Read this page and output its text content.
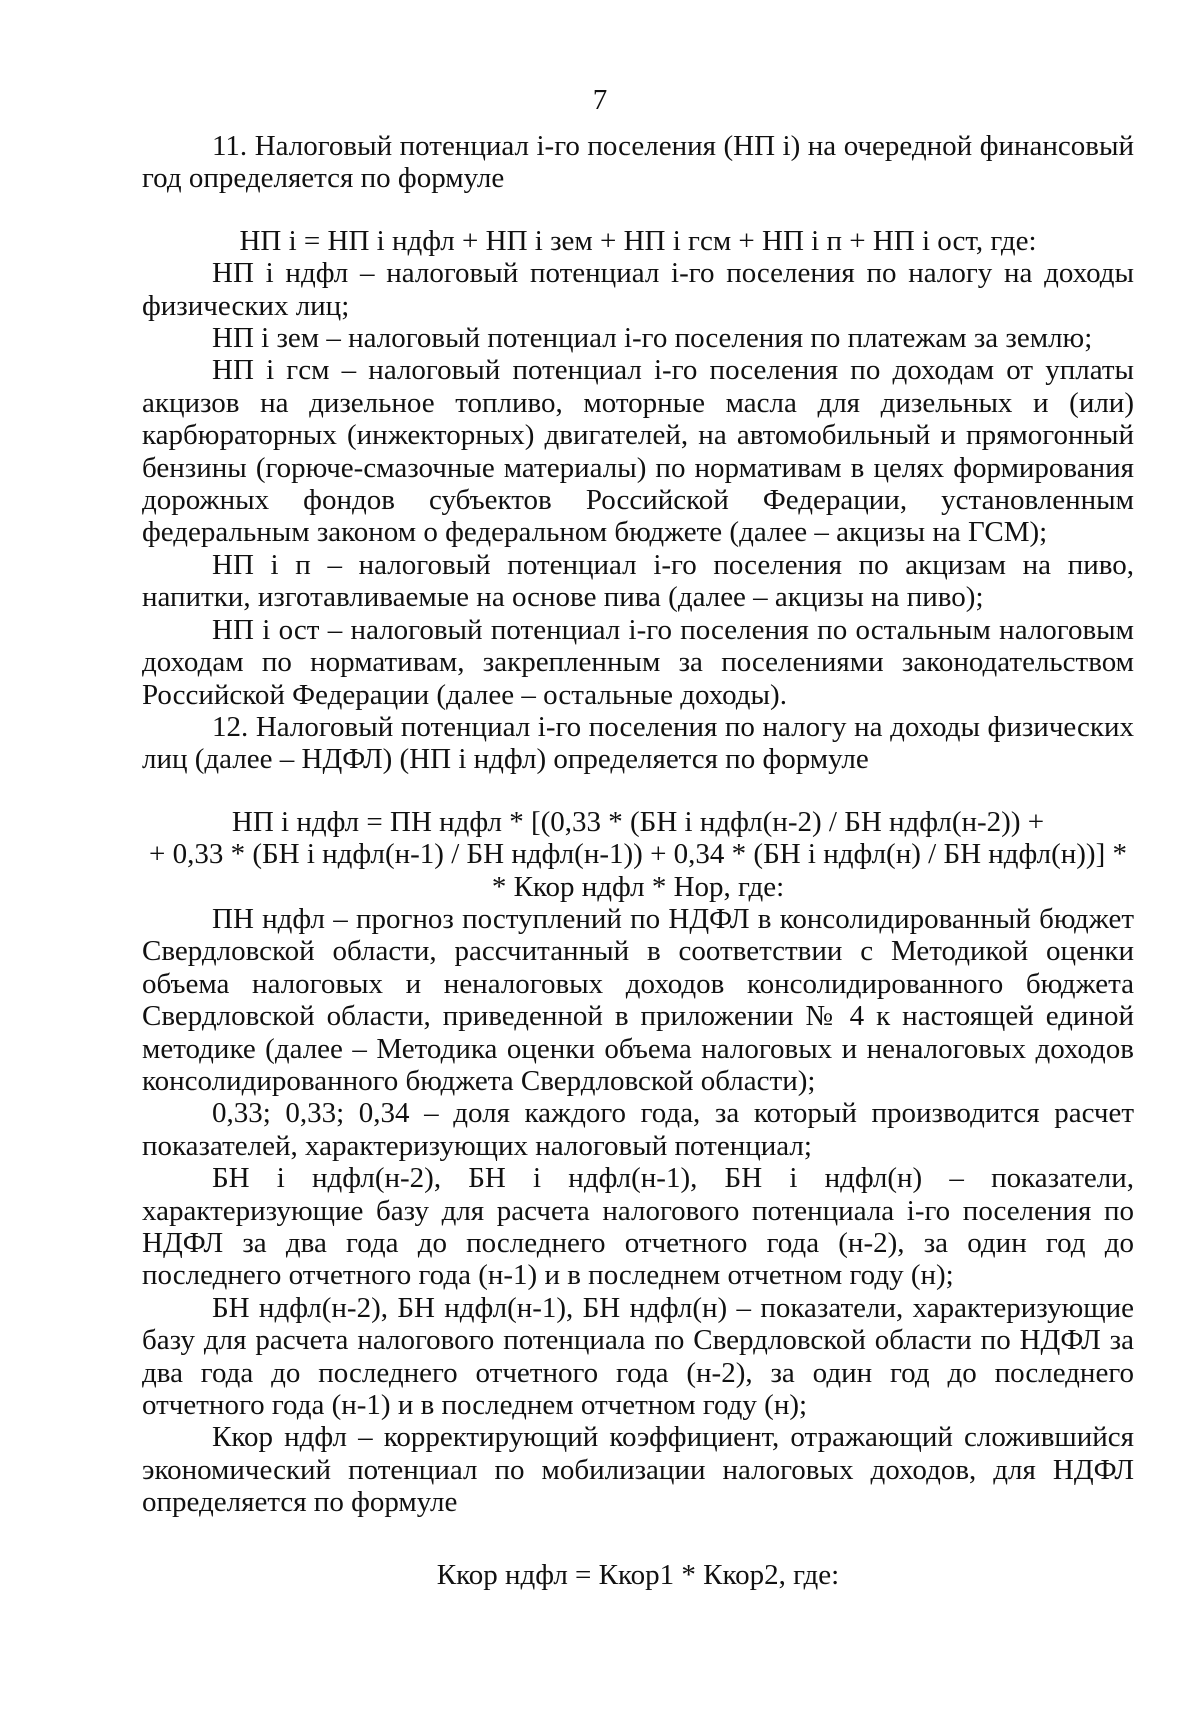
7

11. Налоговый потенциал i-го поселения (НП i) на очередной финансовый год определяется по формуле

НП i = НП i ндфл + НП i зем + НП i гсм + НП i п + НП i ост, где:

НП i ндфл – налоговый потенциал i-го поселения по налогу на доходы физических лиц;

НП i зем – налоговый потенциал i-го поселения по платежам за землю;

НП i гсм – налоговый потенциал i-го поселения по доходам от уплаты акцизов на дизельное топливо, моторные масла для дизельных и (или) карбюраторных (инжекторных) двигателей, на автомобильный и прямогонный бензины (горюче-смазочные материалы) по нормативам в целях формирования дорожных фондов субъектов Российской Федерации, установленным федеральным законом о федеральном бюджете (далее – акцизы на ГСМ);

НП i п – налоговый потенциал i-го поселения по акцизам на пиво, напитки, изготавливаемые на основе пива (далее – акцизы на пиво);

НП i ост – налоговый потенциал i-го поселения по остальным налоговым доходам по нормативам, закрепленным за поселениями законодательством Российской Федерации (далее – остальные доходы).

12. Налоговый потенциал i-го поселения по налогу на доходы физических лиц (далее – НДФЛ) (НП i ндфл) определяется по формуле

НП i ндфл = ПН ндфл * [(0,33 * (БН i ндфл(н-2) / БН ндфл(н-2)) +

+ 0,33 * (БН i ндфл(н-1) / БН ндфл(н-1)) + 0,34 * (БН i ндфл(н) / БН ндфл(н))] *

* Ккор ндфл * Нор, где:

ПН ндфл – прогноз поступлений по НДФЛ в консолидированный бюджет Свердловской области, рассчитанный в соответствии с Методикой оценки объема налоговых и неналоговых доходов консолидированного бюджета Свердловской области, приведенной в приложении № 4 к настоящей единой методике (далее – Методика оценки объема налоговых и неналоговых доходов консолидированного бюджета Свердловской области);

0,33; 0,33; 0,34 – доля каждого года, за который производится расчет показателей, характеризующих налоговый потенциал;

БН i ндфл(н-2), БН i ндфл(н-1), БН i ндфл(н) – показатели, характеризующие базу для расчета налогового потенциала i-го поселения по НДФЛ за два года до последнего отчетного года (н-2), за один год до последнего отчетного года (н-1) и в последнем отчетном году (н);

БН ндфл(н-2), БН ндфл(н-1), БН ндфл(н) – показатели, характеризующие базу для расчета налогового потенциала по Свердловской области по НДФЛ за два года до последнего отчетного года (н-2), за один год до последнего отчетного года (н-1) и в последнем отчетном году (н);

Ккор ндфл – корректирующий коэффициент, отражающий сложившийся экономический потенциал по мобилизации налоговых доходов, для НДФЛ определяется по формуле

Ккор ндфл = Ккор1 * Ккор2, где:
